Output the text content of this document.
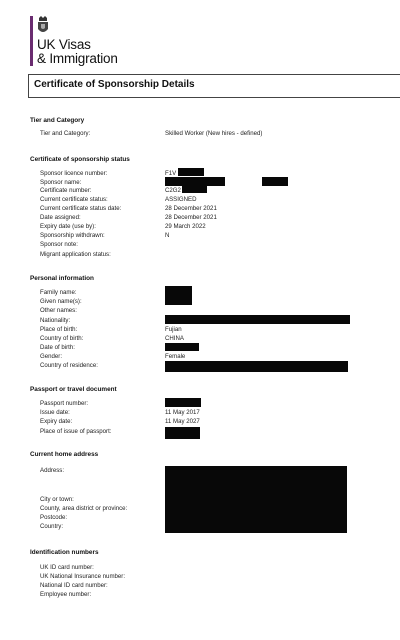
UK Visas
& Immigration
Certificate of Sponsorship Details
Tier and Category
Tier and Category:	Skilled Worker (New hires - defined)
Certificate of sponsorship status
Sponsor licence number:	F1V
Sponsor name:
Certificate number:	C2G2
Current certificate status:	ASSIGNED
Current certificate status date:	28 December 2021
Date assigned:	28 December 2021
Expiry date (use by):	29 March 2022
Sponsorship withdrawn:	N
Sponsor note:
Migrant application status:
Personal information
Family name:
Given name(s):
Other names:
Nationality:
Place of birth:	Fujian
Country of birth:	CHINA
Date of birth:
Gender:	Female
Country of residence:
Passport or travel document
Passport number:
Issue date:	11 May 2017
Expiry date:	11 May 2027
Place of issue of passport:
Current home address
Address:
City or town:
County, area district or province:
Postcode:
Country:
Identification numbers
UK ID card number:
UK National Insurance number:
National ID card number:
Employee number:
